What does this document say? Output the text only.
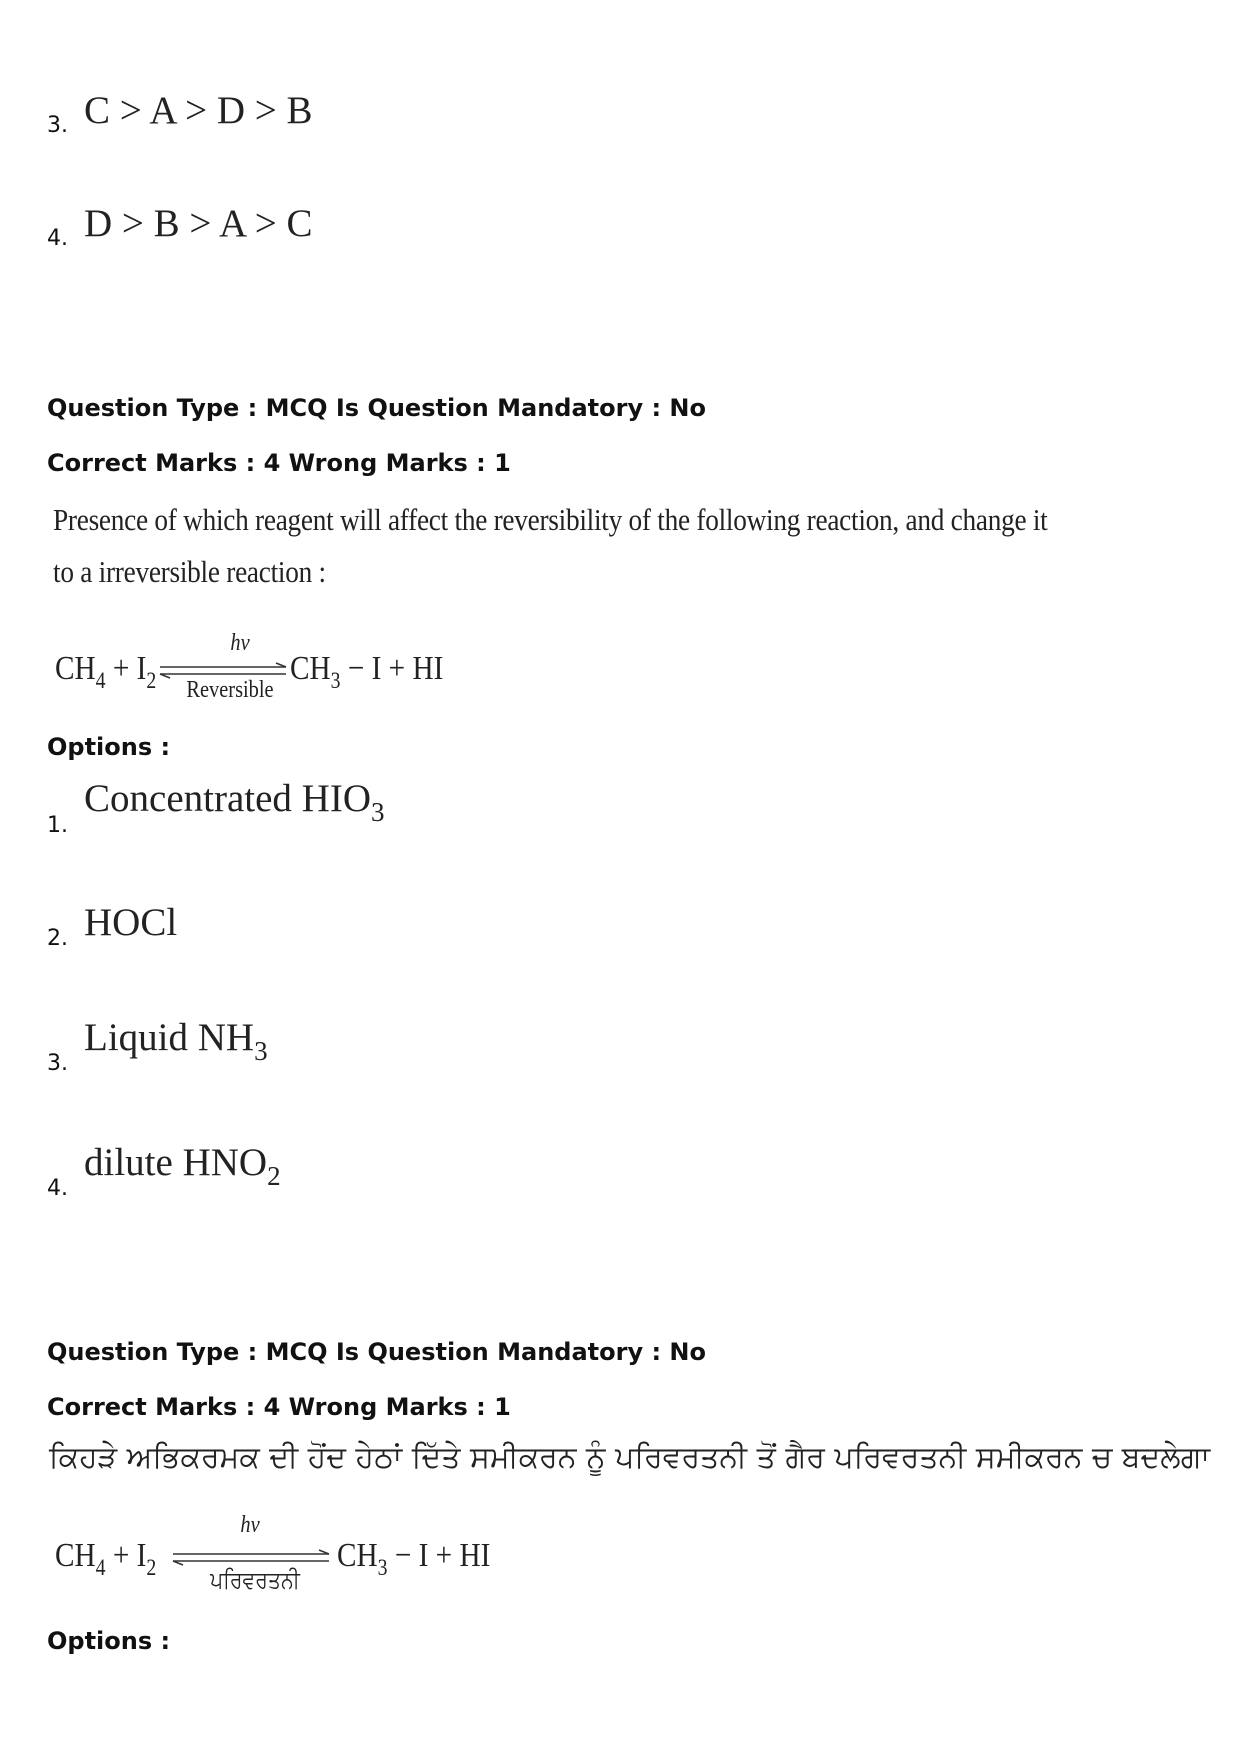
3. C > A > D > B
4. D > B > A > C
Question Type : MCQ Is Question Mandatory : No
Correct Marks : 4 Wrong Marks : 1
Presence of which reagent will affect the reversibility of the following reaction, and change it
to a irreversible reaction :
$CH_4 + I_2$
hv
Reversible
$CH_3 - I$ + HI
Options :
1.
Concentrated $HIO_3$
2. HOCl
3.
Liquid $NH_3$
4.
dilute $HNO_2$
Question Type : MCQ Is Question Mandatory : No
Correct Marks : 4 Wrong Marks : 1
ਕਿਹੜੇ ਅਭਿਕਰਮਕ ਦੀ ਹੋਂਦ ਹੇਠਾਂ ਦਿੱਤੇ ਸਮੀਕਰਨ ਨੂੰ ਪਰਿਵਰਤਨੀ ਤੋਂ ਗੈਰ ਪਰਿਵਰਤਨੀ ਸਮੀਕਰਨ ਚ ਬਦਲੇਗਾ
$CH_4 + I_2$
hv
ਪਰਿਵਰਤਨੀ
$CH_3 - I$ + HI
Options :
